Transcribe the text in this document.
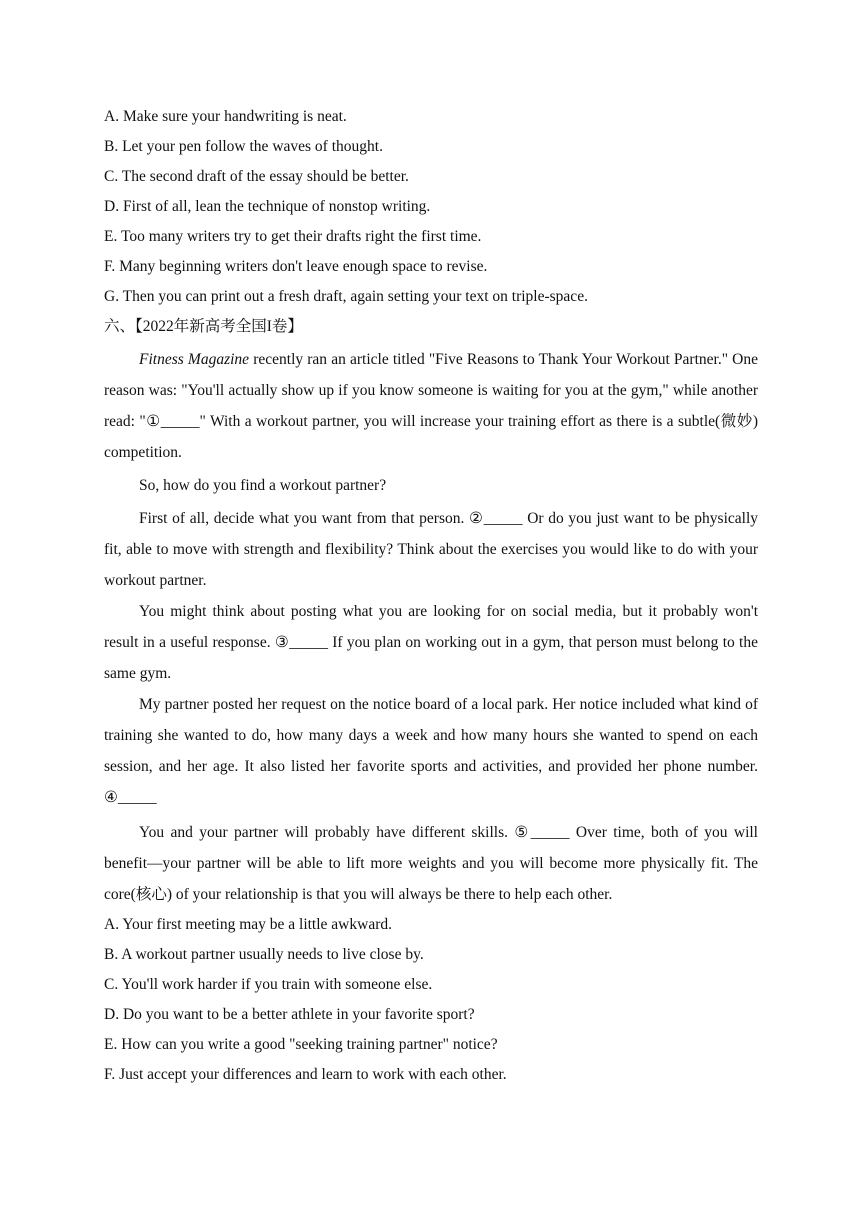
A. Make sure your handwriting is neat.
B. Let your pen follow the waves of thought.
C. The second draft of the essay should be better.
D. First of all, lean the technique of nonstop writing.
E. Too many writers try to get their drafts right the first time.
F. Many beginning writers don't leave enough space to revise.
G. Then you can print out a fresh draft, again setting your text on triple-space.
六、【2022年新高考全国I卷】

Fitness Magazine recently ran an article titled "Five Reasons to Thank Your Workout Partner." One reason was: "You'll actually show up if you know someone is waiting for you at the gym," while another read: "①_____" With a workout partner, you will increase your training effort as there is a subtle(微妙) competition.

So, how do you find a workout partner?

First of all, decide what you want from that person. ②_____ Or do you just want to be physically fit, able to move with strength and flexibility? Think about the exercises you would like to do with your workout partner.

You might think about posting what you are looking for on social media, but it probably won't result in a useful response. ③_____ If you plan on working out in a gym, that person must belong to the same gym.

My partner posted her request on the notice board of a local park. Her notice included what kind of training she wanted to do, how many days a week and how many hours she wanted to spend on each session, and her age. It also listed her favorite sports and activities, and provided her phone number. ④_____

You and your partner will probably have different skills. ⑤_____ Over time, both of you will benefit—your partner will be able to lift more weights and you will become more physically fit. The core(核心) of your relationship is that you will always be there to help each other.

A. Your first meeting may be a little awkward.
B. A workout partner usually needs to live close by.
C. You'll work harder if you train with someone else.
D. Do you want to be a better athlete in your favorite sport?
E. How can you write a good "seeking training partner" notice?
F. Just accept your differences and learn to work with each other.
